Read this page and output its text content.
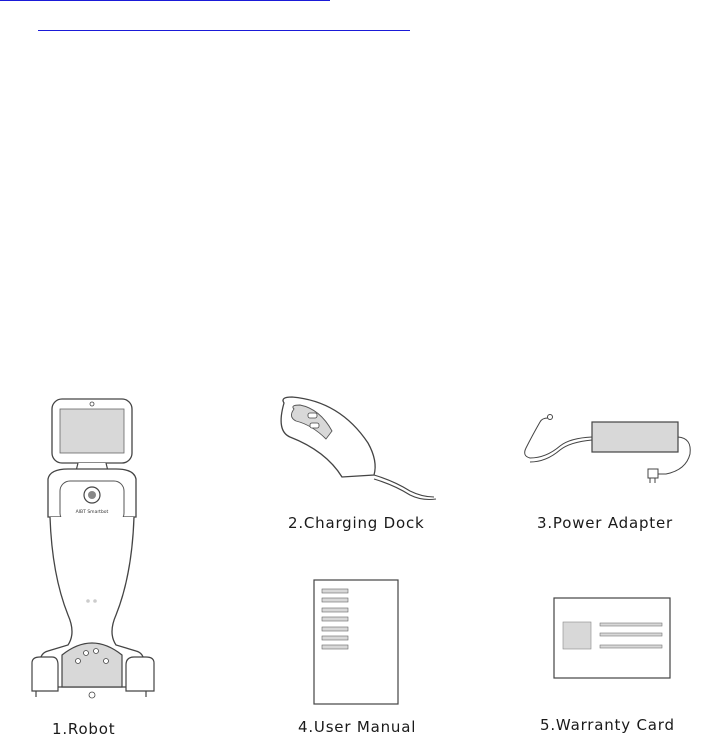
AIBT Smartbot
1.Robot
2.Charging Dock	3.Power Adapter
4.User Manual	5.Warranty Card
